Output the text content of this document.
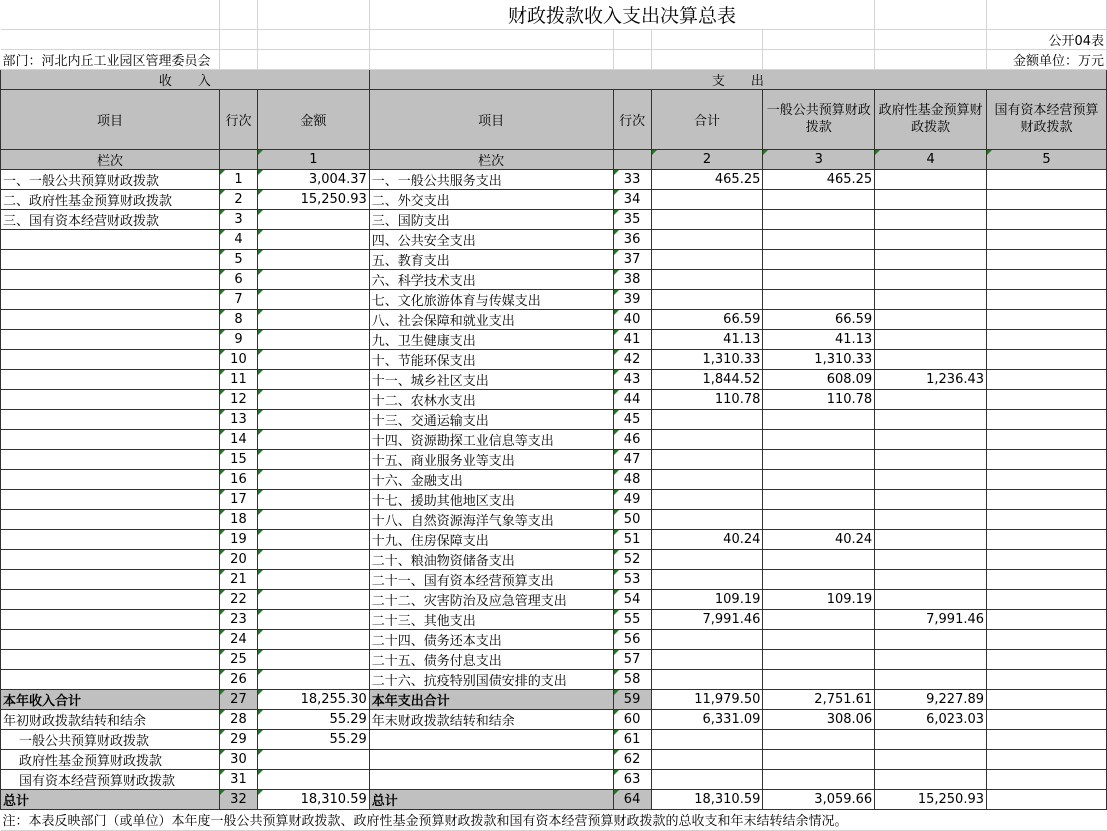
			财政拨款收入支出决算总表					
								公开04表
部门：河北内丘工业园区管理委员会								金额单位：万元
收　　入			支　　出					
项目	行次	金额	项目	行次	合计	一般公共预算财政拨款	政府性基金预算财政拨款	国有资本经营预算财政拨款
栏次		1	栏次		2	3	4	5
一、一般公共预算财政拨款	1	3,004.37	一、一般公共服务支出	33	465.25	465.25		
二、政府性基金预算财政拨款	2	15,250.93	二、外交支出	34				
三、国有资本经营财政拨款	3		三、国防支出	35				
	4		四、公共安全支出	36				
	5		五、教育支出	37				
	6		六、科学技术支出	38				
	7		七、文化旅游体育与传媒支出	39				
	8		八、社会保障和就业支出	40	66.59	66.59		
	9		九、卫生健康支出	41	41.13	41.13		
	10		十、节能环保支出	42	1,310.33	1,310.33		
	11		十一、城乡社区支出	43	1,844.52	608.09	1,236.43	
	12		十二、农林水支出	44	110.78	110.78		
	13		十三、交通运输支出	45				
	14		十四、资源勘探工业信息等支出	46				
	15		十五、商业服务业等支出	47				
	16		十六、金融支出	48				
	17		十七、援助其他地区支出	49				
	18		十八、自然资源海洋气象等支出	50				
	19		十九、住房保障支出	51	40.24	40.24		
	20		二十、粮油物资储备支出	52				
	21		二十一、国有资本经营预算支出	53				
	22		二十二、灾害防治及应急管理支出	54	109.19	109.19		
	23		二十三、其他支出	55	7,991.46		7,991.46	
	24		二十四、债务还本支出	56				
	25		二十五、债务付息支出	57				
	26		二十六、抗疫特别国债安排的支出	58				
本年收入合计	27	18,255.30	本年支出合计	59	11,979.50	2,751.61	9,227.89	
年初财政拨款结转和结余	28	55.29	年末财政拨款结转和结余	60	6,331.09	308.06	6,023.03	
一般公共预算财政拨款	29	55.29		61				
政府性基金预算财政拨款	30			62				
国有资本经营预算财政拨款	31			63				
总计	32	18,310.59	总计	64	18,310.59	3,059.66	15,250.93	
注：本表反映部门（或单位）本年度一般公共预算财政拨款、政府性基金预算财政拨款和国有资本经营预算财政拨款的总收支和年末结转结余情况。								
